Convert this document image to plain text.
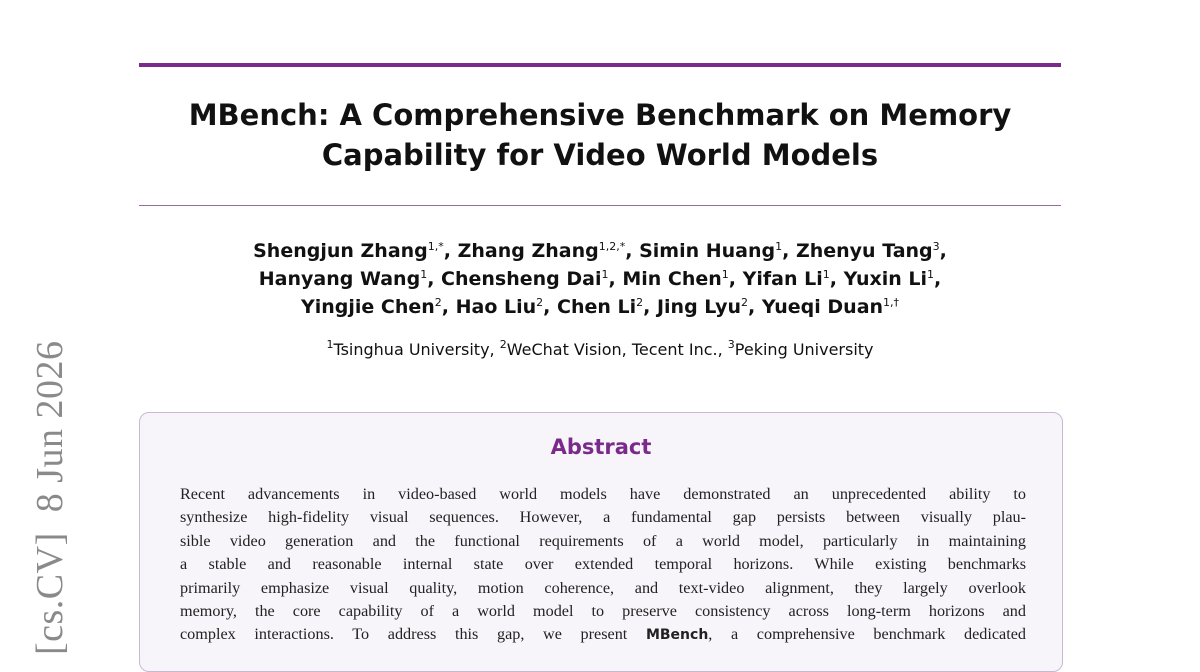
[cs.CV]8 Jun 2026
MBench: A Comprehensive Benchmark on Memory
Capability for Video World Models
Shengjun Zhang$^{1,*}$, Zhang Zhang$^{1,2,*}$, Simin Huang$^1$, Zhenyu Tang$^3$,
Hanyang Wang$^1$, Chensheng Dai$^1$, Min Chen$^1$, Yifan Li$^1$, Yuxin Li$^1$,
Yingjie Chen$^2$, Hao Liu$^2$, Chen Li$^2$, Jing Lyu$^2$, Yueqi Duan$^{1,\dagger}$
$^1$Tsinghua University, $^2$WeChat Vision, Tecent Inc., $^3$Peking University
Abstract
Recent advancements in video-based world models have demonstrated an unprecedented ability to
synthesize high-fidelity visual sequences. However, a fundamental gap persists between visually plau-
sible video generation and the functional requirements of a world model, particularly in maintaining
a stable and reasonable internal state over extended temporal horizons. While existing benchmarks
primarily emphasize visual quality, motion coherence, and text-video alignment, they largely overlook
memory, the core capability of a world model to preserve consistency across long-term horizons and
complex interactions. To address this gap, we present MBench, a comprehensive benchmark dedicated
